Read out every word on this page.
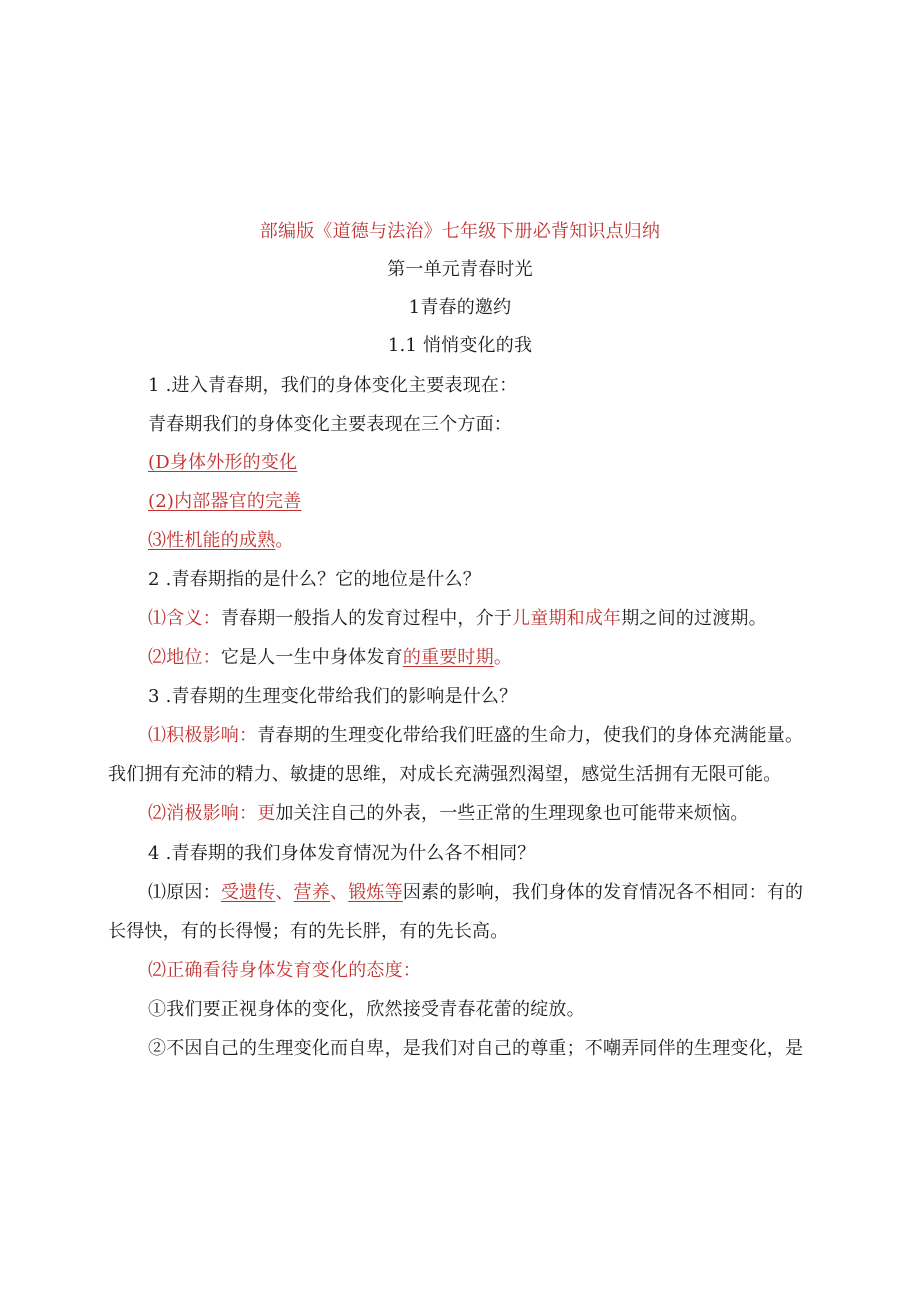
部编版《道德与法治》七年级下册必背知识点归纳
第一单元青春时光
1青春的邀约
1.1 悄悄变化的我
1 .进入青春期，我们的身体变化主要表现在：
青春期我们的身体变化主要表现在三个方面：
(D身体外形的变化
(2)内部器官的完善
⑶性机能的成熟。
2 .青春期指的是什么？它的地位是什么？
⑴含义：青春期一般指人的发育过程中，介于儿童期和成年期之间的过渡期。
⑵地位：它是人一生中身体发育的重要时期。
3 .青春期的生理变化带给我们的影响是什么？
⑴积极影响：青春期的生理变化带给我们旺盛的生命力，使我们的身体充满能量。
我们拥有充沛的精力、敏捷的思维，对成长充满强烈渴望，感觉生活拥有无限可能。
⑵消极影响：更加关注自己的外表，一些正常的生理现象也可能带来烦恼。
4 .青春期的我们身体发育情况为什么各不相同？
⑴原因：受遗传、营养、锻炼等因素的影响，我们身体的发育情况各不相同：有的
长得快，有的长得慢；有的先长胖，有的先长高。
⑵正确看待身体发育变化的态度：
①我们要正视身体的变化，欣然接受青春花蕾的绽放。
②不因自己的生理变化而自卑，是我们对自己的尊重；不嘲弄同伴的生理变化，是
